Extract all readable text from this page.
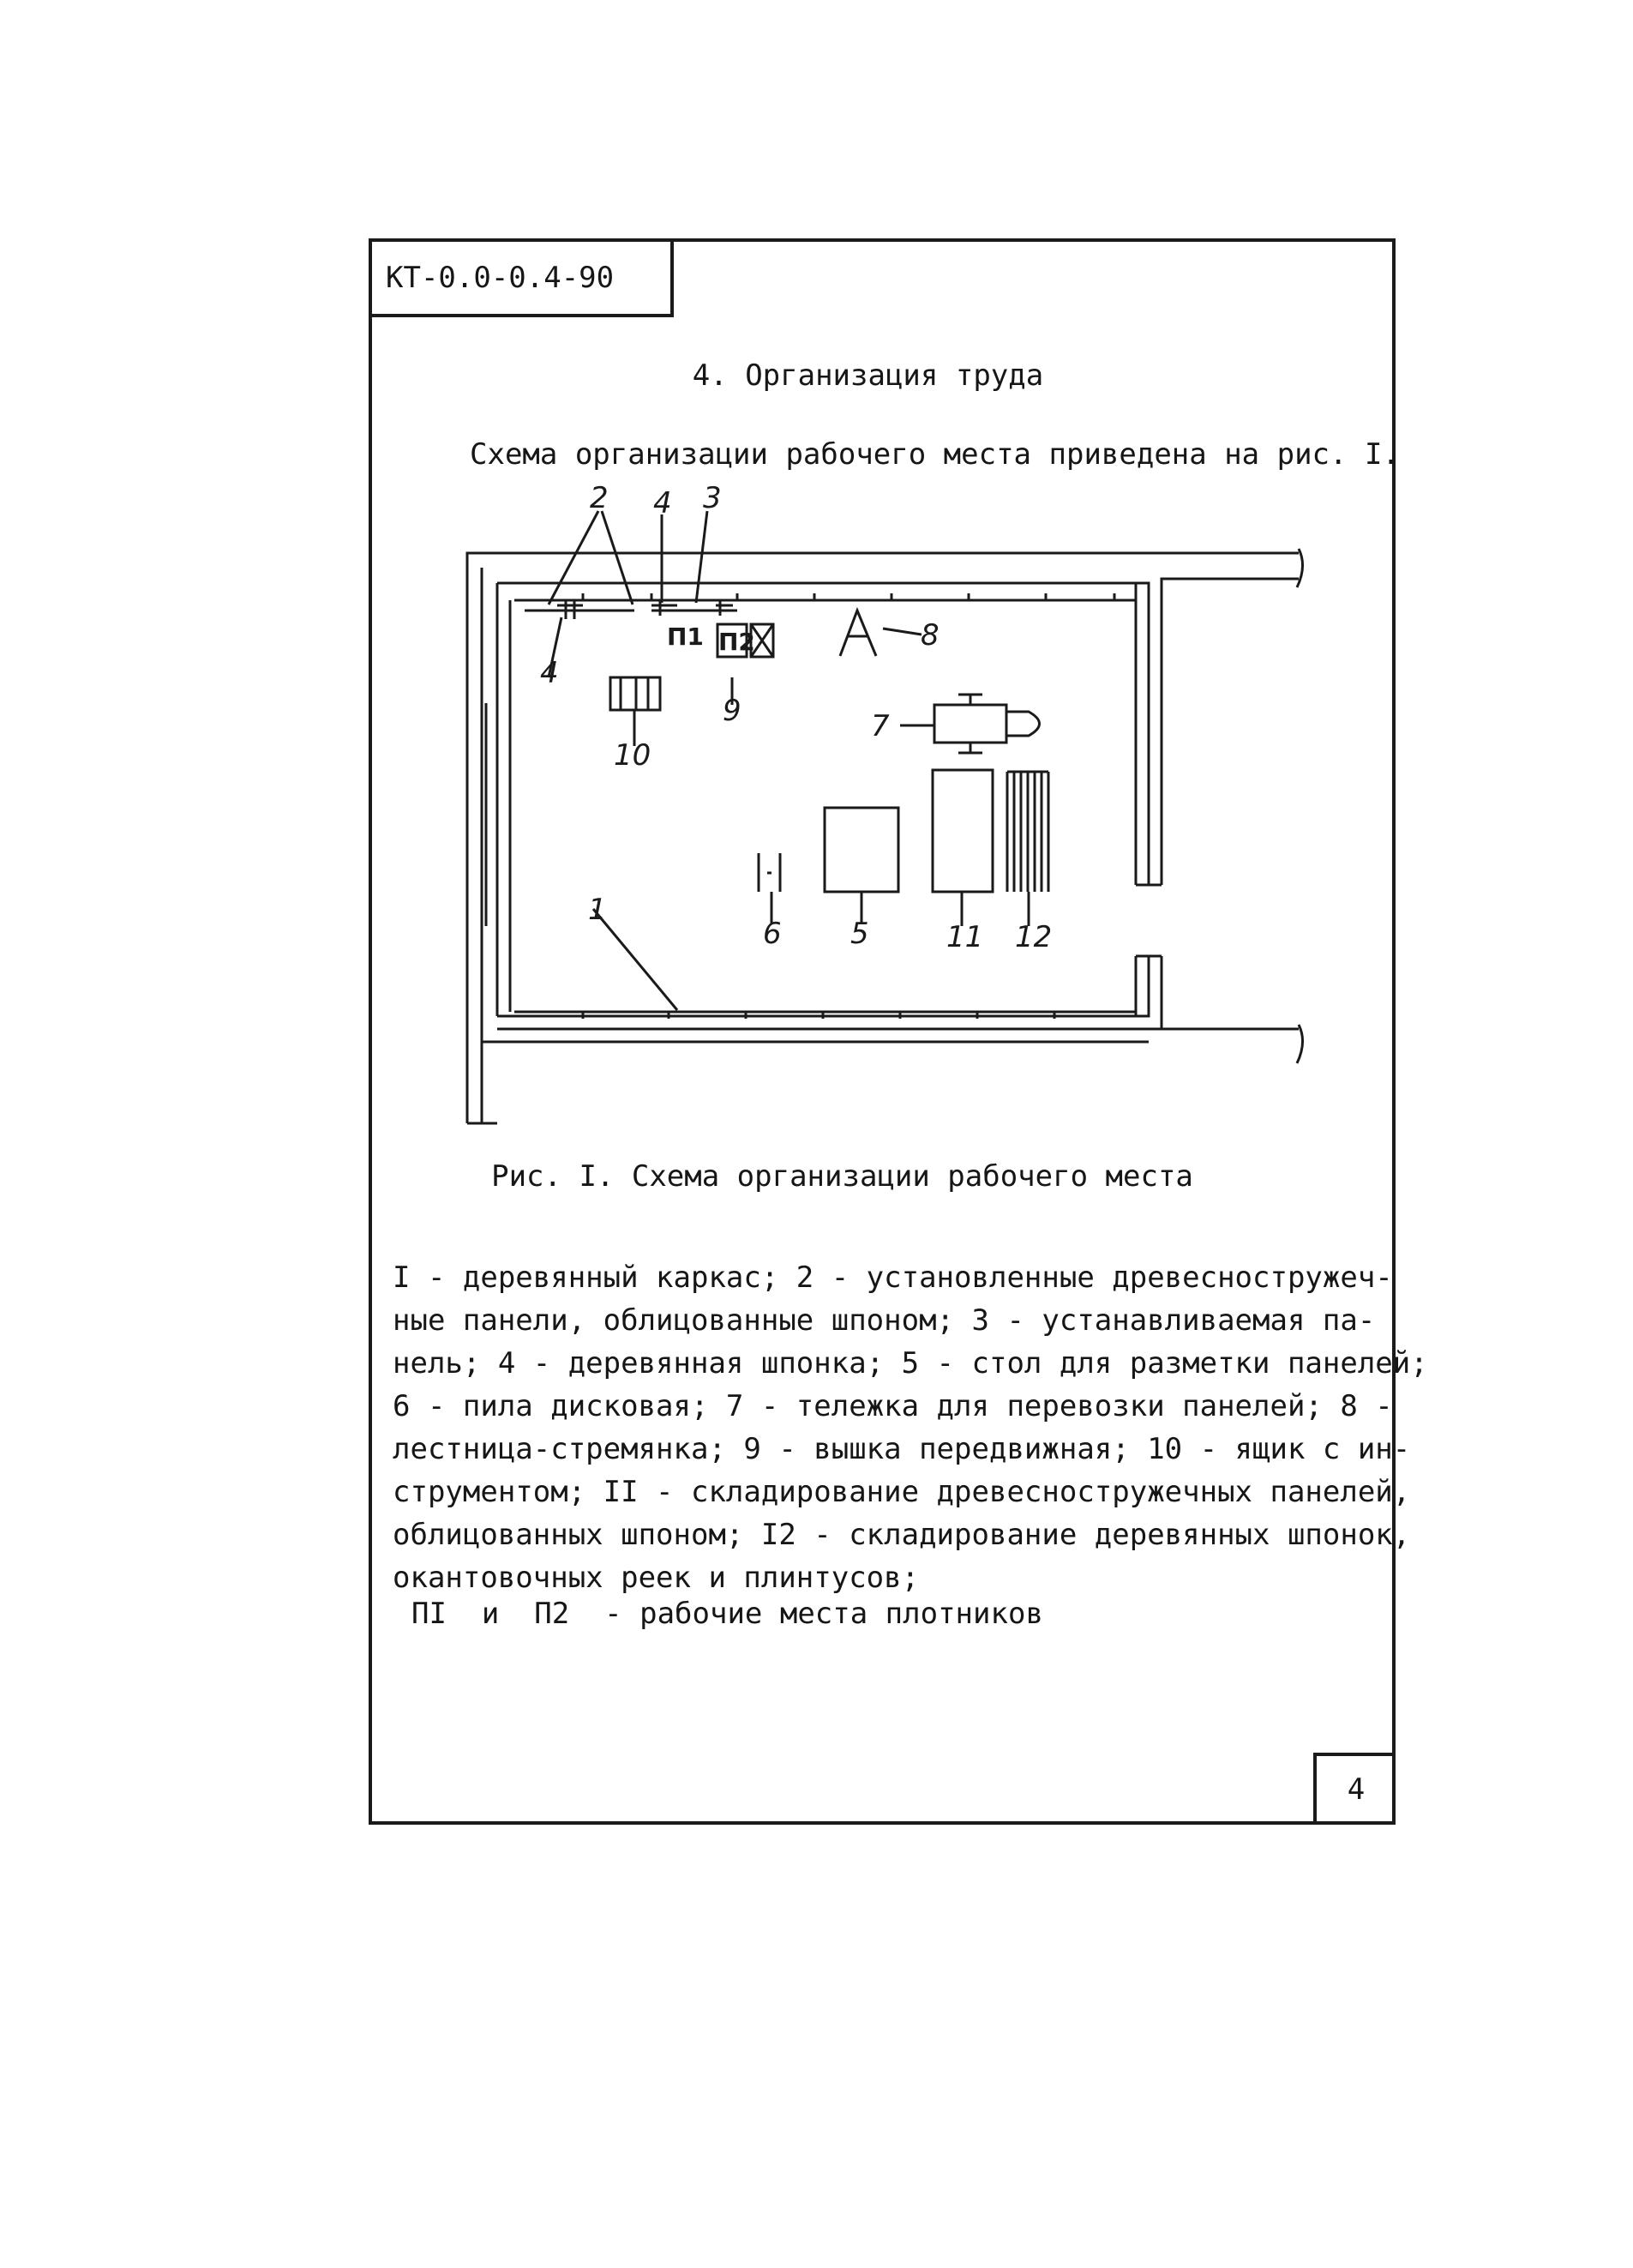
КТ-0.0-0.4-90
4. Организация труда
Схема организации рабочего места приведена на рис. I.
2 4 3
4
П1 П2	8
9
10
7
6 5	11 12
1
Рис. I. Схема организации рабочего места
I - деревянный каркас; 2 - установленные древесностружеч-
ные панели, облицованные шпоном; 3 - устанавливаемая па-
нель; 4 - деревянная шпонка; 5 - стол для разметки панелей;
6 - пила дисковая; 7 - тележка для перевозки панелей; 8 -
лестница-стремянка; 9 - вышка передвижная; 10 - ящик с ин-
струментом; II - складирование древесностружечных панелей,
облицованных шпоном; I2 - складирование деревянных шпонок,
окантовочных реек и плинтусов;
ПI  и  П2  - рабочие места плотников
4
